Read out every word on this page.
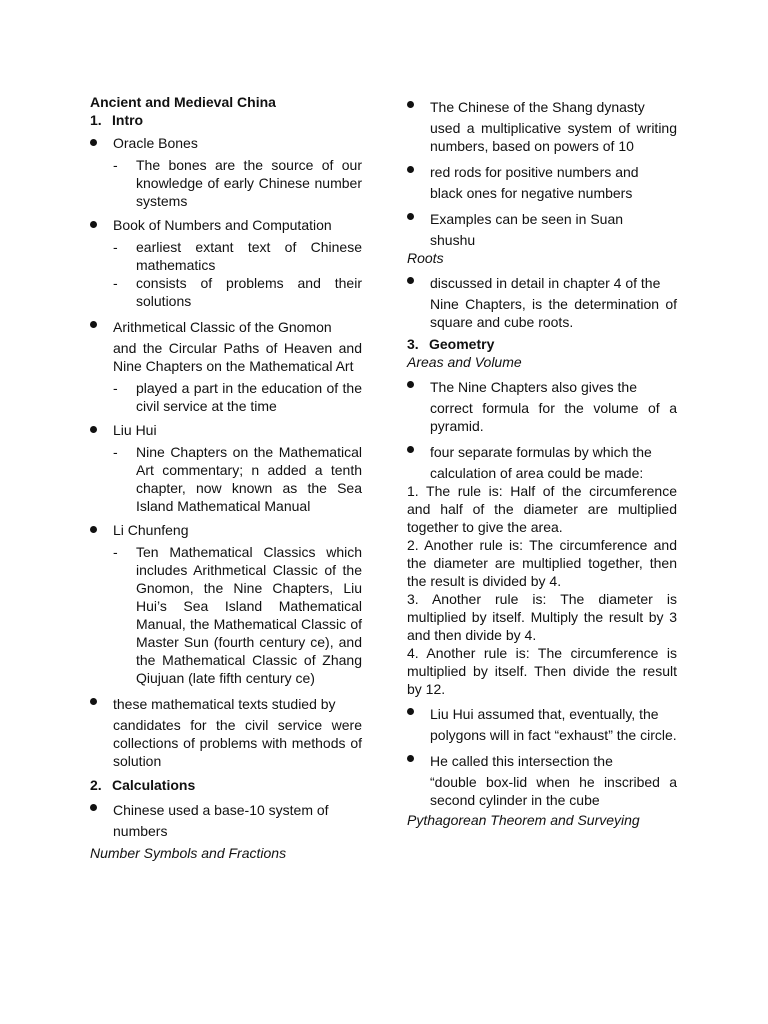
Ancient and Medieval China

1. Intro
Oracle Bones
- The bones are the source of our knowledge of early Chinese number systems
Book of Numbers and Computation
- earliest extant text of Chinese mathematics
- consists of problems and their solutions
Arithmetical Classic of the Gnomon
and the Circular Paths of Heaven and Nine Chapters on the Mathematical Art
- played a part in the education of the civil service at the time
Liu Hui
- Nine Chapters on the Mathematical Art commentary; n added a tenth chapter, now known as the Sea Island Mathematical Manual
Li Chunfeng
- Ten Mathematical Classics which includes Arithmetical Classic of the Gnomon, the Nine Chapters, Liu Hui’s Sea Island Mathematical Manual, the Mathematical Classic of Master Sun (fourth century ce), and the Mathematical Classic of Zhang Qiujuan (late fifth century ce)
these mathematical texts studied by
candidates for the civil service were collections of problems with methods of solution
2. Calculations
Chinese used a base-10 system of
numbers

Number Symbols and Fractions

The Chinese of the Shang dynasty
used a multiplicative system of writing numbers, based on powers of 10
red rods for positive numbers and
black ones for negative numbers
Examples can be seen in Suan
shushu

Roots

discussed in detail in chapter 4 of the
Nine Chapters, is the determination of square and cube roots.
3. Geometry

Areas and Volume

The Nine Chapters also gives the
correct formula for the volume of a pyramid.
four separate formulas by which the
calculation of area could be made:
1. The rule is: Half of the circumference and half of the diameter are multiplied together to give the area.
2. Another rule is: The circumference and the diameter are multiplied together, then the result is divided by 4.
3. Another rule is: The diameter is multiplied by itself. Multiply the result by 3 and then divide by 4.
4. Another rule is: The circumference is multiplied by itself. Then divide the result by 12.
Liu Hui assumed that, eventually, the
polygons will in fact “exhaust” the circle.
He called this intersection the
“double box-lid when he inscribed a second cylinder in the cube

Pythagorean Theorem and Surveying
